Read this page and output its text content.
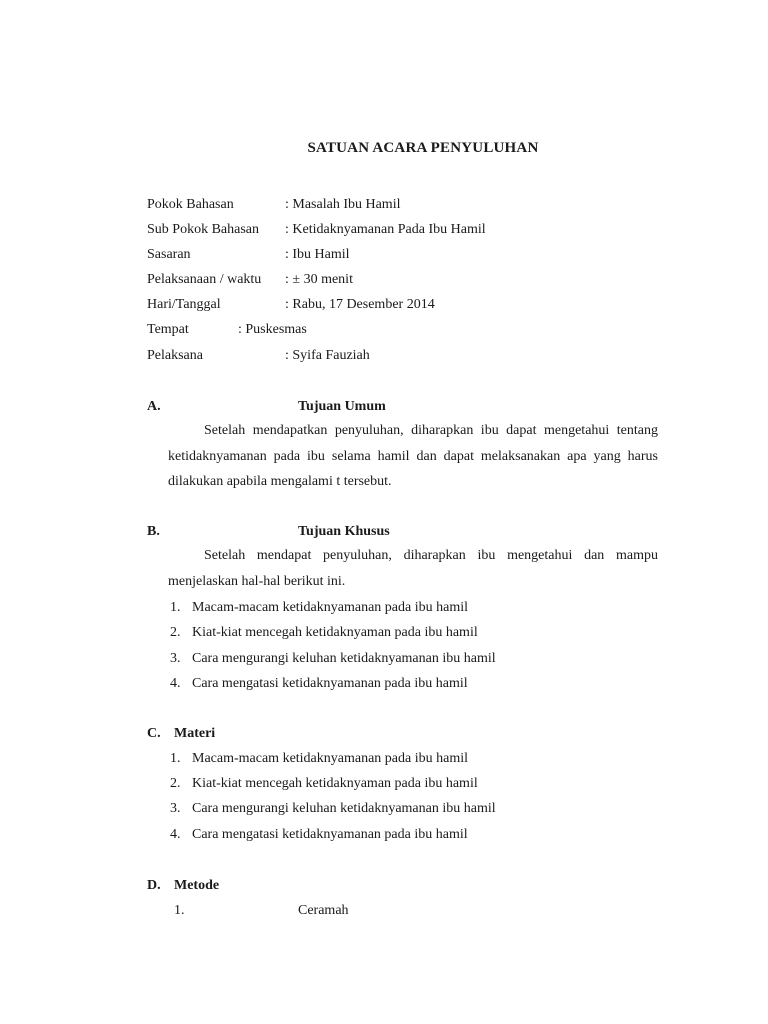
SATUAN ACARA PENYULUHAN
Pokok Bahasan	: Masalah Ibu Hamil
Sub Pokok Bahasan : Ketidaknyamanan Pada Ibu Hamil
Sasaran	: Ibu Hamil
Pelaksanaan / waktu : ± 30 menit
Hari/Tanggal	: Rabu, 17 Desember 2014
Tempat	: Puskesmas
Pelaksana	: Syifa Fauziah
A.	Tujuan Umum
Setelah mendapatkan penyuluhan, diharapkan ibu dapat mengetahui tentang ketidaknyamanan pada ibu selama hamil dan dapat melaksanakan apa yang harus dilakukan apabila mengalami t tersebut.
B.	Tujuan Khusus
Setelah mendapat penyuluhan, diharapkan ibu mengetahui dan mampu menjelaskan hal-hal berikut ini.
1. Macam-macam ketidaknyamanan pada ibu hamil
2. Kiat-kiat mencegah ketidaknyaman pada ibu hamil
3. Cara mengurangi keluhan ketidaknyamanan ibu hamil
4. Cara mengatasi ketidaknyamanan pada ibu hamil
C. Materi
1. Macam-macam ketidaknyamanan pada ibu hamil
2. Kiat-kiat mencegah ketidaknyaman pada ibu hamil
3. Cara mengurangi keluhan ketidaknyamanan ibu hamil
4. Cara mengatasi ketidaknyamanan pada ibu hamil
D. Metode
1.	Ceramah
